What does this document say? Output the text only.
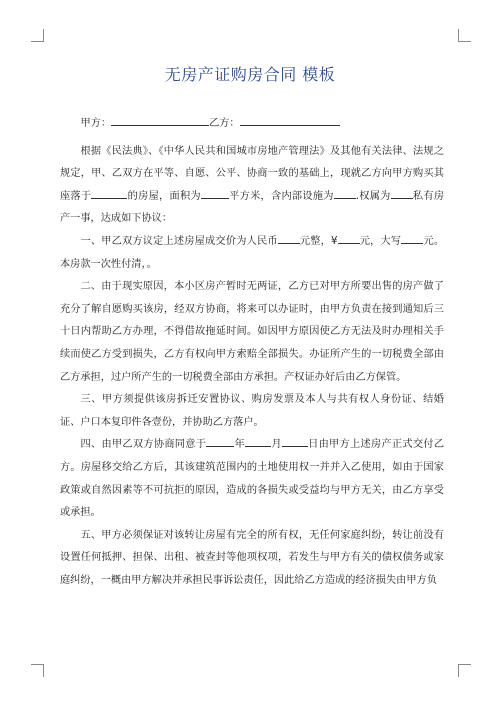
无房产证购房合同 模板

甲方：	乙方：

根据《民法典》、《中华人民共和国城市房地产管理法》及其他有关法律、法规之规定，甲、乙双方在平等、自愿、公平、协商一致的基础上，现就乙方向甲方购买其座落于	的房屋，面积为	平方米，含内部设施为 .权属为 私有房产一事，达成如下协议：

一、甲乙双方议定上述房屋成交价为人民币 元整，¥ 元，大写 元。本房款一次性付清，。

二、由于现实原因，本小区房产暂时无两证，乙方已对甲方所要出售的房产做了充分了解自愿购买该房，经双方协商，将来可以办证时，由甲方负责在接到通知后三十日内帮助乙方办理，不得借故拖延时间。如因甲方原因使乙方无法及时办理相关手续而使乙方受到损失，乙方有权向甲方索赔全部损失。办证所产生的一切税费全部由乙方承担，过户所产生的一切税费全部由方承担。产权证办好后由乙方保管。

三、甲方须提供该房拆迁安置协议、购房发票及本人与共有权人身份证、结婚证、户口本复印件各壹份，并协助乙方落户。

四、由甲乙双方协商同意于	年	月	日由甲方上述房产正式交付乙方。房屋移交给乙方后，其该建筑范围内的土地使用权一并并入乙使用，如由于国家政策或自然因素等不可抗拒的原因，造成的各损失或受益均与甲方无关，由乙方享受或承担。

五、甲方必须保证对该转让房屋有完全的所有权，无任何家庭纠纷，转让前没有设置任何抵押、担保、出租、被查封等他项权项，若发生与甲方有关的债权债务或家庭纠纷，一概由甲方解决并承担民事诉讼责任，因此给乙方造成的经济损失由甲方负
